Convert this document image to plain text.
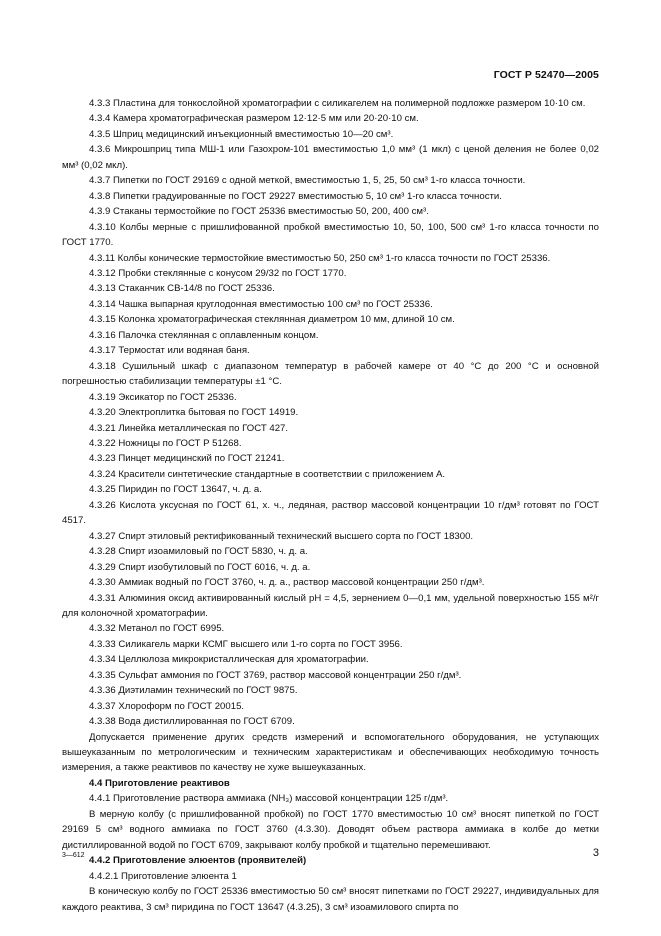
ГОСТ Р 52470—2005

4.3.3 Пластина для тонкослойной хроматографии с силикагелем на полимерной подложке размером 10·10 см.

4.3.4 Камера хроматографическая размером 12·12·5 мм или 20·20·10 см.

4.3.5 Шприц медицинский инъекционный вместимостью 10—20 см³.

4.3.6 Микрошприц типа МШ-1 или Газохром-101 вместимостью 1,0 мм³ (1 мкл) с ценой деления не более 0,02 мм³ (0,02 мкл).

4.3.7 Пипетки по ГОСТ 29169 с одной меткой, вместимостью 1, 5, 25, 50 см³ 1-го класса точности.

4.3.8 Пипетки градуированные по ГОСТ 29227 вместимостью 5, 10 см³ 1-го класса точности.

4.3.9 Стаканы термостойкие по ГОСТ 25336 вместимостью 50, 200, 400 см³.

4.3.10 Колбы мерные с пришлифованной пробкой вместимостью 10, 50, 100, 500 см³ 1-го класса точности по ГОСТ 1770.

4.3.11 Колбы конические термостойкие вместимостью 50, 250 см³ 1-го класса точности по ГОСТ 25336.

4.3.12 Пробки стеклянные с конусом 29/32 по ГОСТ 1770.

4.3.13 Стаканчик СВ-14/8 по ГОСТ 25336.

4.3.14 Чашка выпарная круглодонная вместимостью 100 см³ по ГОСТ 25336.

4.3.15 Колонка хроматографическая стеклянная диаметром 10 мм, длиной 10 см.

4.3.16 Палочка стеклянная с оплавленным концом.

4.3.17 Термостат или водяная баня.

4.3.18 Сушильный шкаф с диапазоном температур в рабочей камере от 40 °С до 200 °С и основной погрешностью стабилизации температуры ±1 °С.

4.3.19 Эксикатор по ГОСТ 25336.

4.3.20 Электроплитка бытовая по ГОСТ 14919.

4.3.21 Линейка металлическая по ГОСТ 427.

4.3.22 Ножницы по ГОСТ Р 51268.

4.3.23 Пинцет медицинский по ГОСТ 21241.

4.3.24 Красители синтетические стандартные в соответствии с приложением А.

4.3.25 Пиридин по ГОСТ 13647, ч. д. а.

4.3.26 Кислота уксусная по ГОСТ 61, х. ч., ледяная, раствор массовой концентрации 10 г/дм³ готовят по ГОСТ 4517.

4.3.27 Спирт этиловый ректификованный технический высшего сорта по ГОСТ 18300.

4.3.28 Спирт изоамиловый по ГОСТ 5830, ч. д. а.

4.3.29 Спирт изобутиловый по ГОСТ 6016, ч. д. а.

4.3.30 Аммиак водный по ГОСТ 3760, ч. д. а., раствор массовой концентрации 250 г/дм³.

4.3.31 Алюминия оксид активированный кислый pH = 4,5, зернением 0—0,1 мм, удельной поверхностью 155 м²/г для колоночной хроматографии.

4.3.32 Метанол по ГОСТ 6995.

4.3.33 Силикагель марки КСМГ высшего или 1-го сорта по ГОСТ 3956.

4.3.34 Целлюлоза микрокристаллическая для хроматографии.

4.3.35 Сульфат аммония по ГОСТ 3769, раствор массовой концентрации 250 г/дм³.

4.3.36 Диэтиламин технический по ГОСТ 9875.

4.3.37 Хлороформ по ГОСТ 20015.

4.3.38 Вода дистиллированная по ГОСТ 6709.

Допускается применение других средств измерений и вспомогательного оборудования, не уступающих вышеуказанным по метрологическим и техническим характеристикам и обеспечивающих необходимую точность измерения, а также реактивов по качеству не хуже вышеуказанных.

4.4 Приготовление реактивов

4.4.1 Приготовление раствора аммиака (NH₃) массовой концентрации 125 г/дм³.

В мерную колбу (с пришлифованной пробкой) по ГОСТ 1770 вместимостью 10 см³ вносят пипеткой по ГОСТ 29169 5 см³ водного аммиака по ГОСТ 3760 (4.3.30). Доводят объем раствора аммиака в колбе до метки дистиллированной водой по ГОСТ 6709, закрывают колбу пробкой и тщательно перемешивают.

4.4.2 Приготовление элюентов (проявителей)

4.4.2.1 Приготовление элюента 1

В коническую колбу по ГОСТ 25336 вместимостью 50 см³ вносят пипетками по ГОСТ 29227, индивидуальных для каждого реактива, 3 см³ пиридина по ГОСТ 13647 (4.3.25), 3 см³ изоамилового спирта по

3—612	3
